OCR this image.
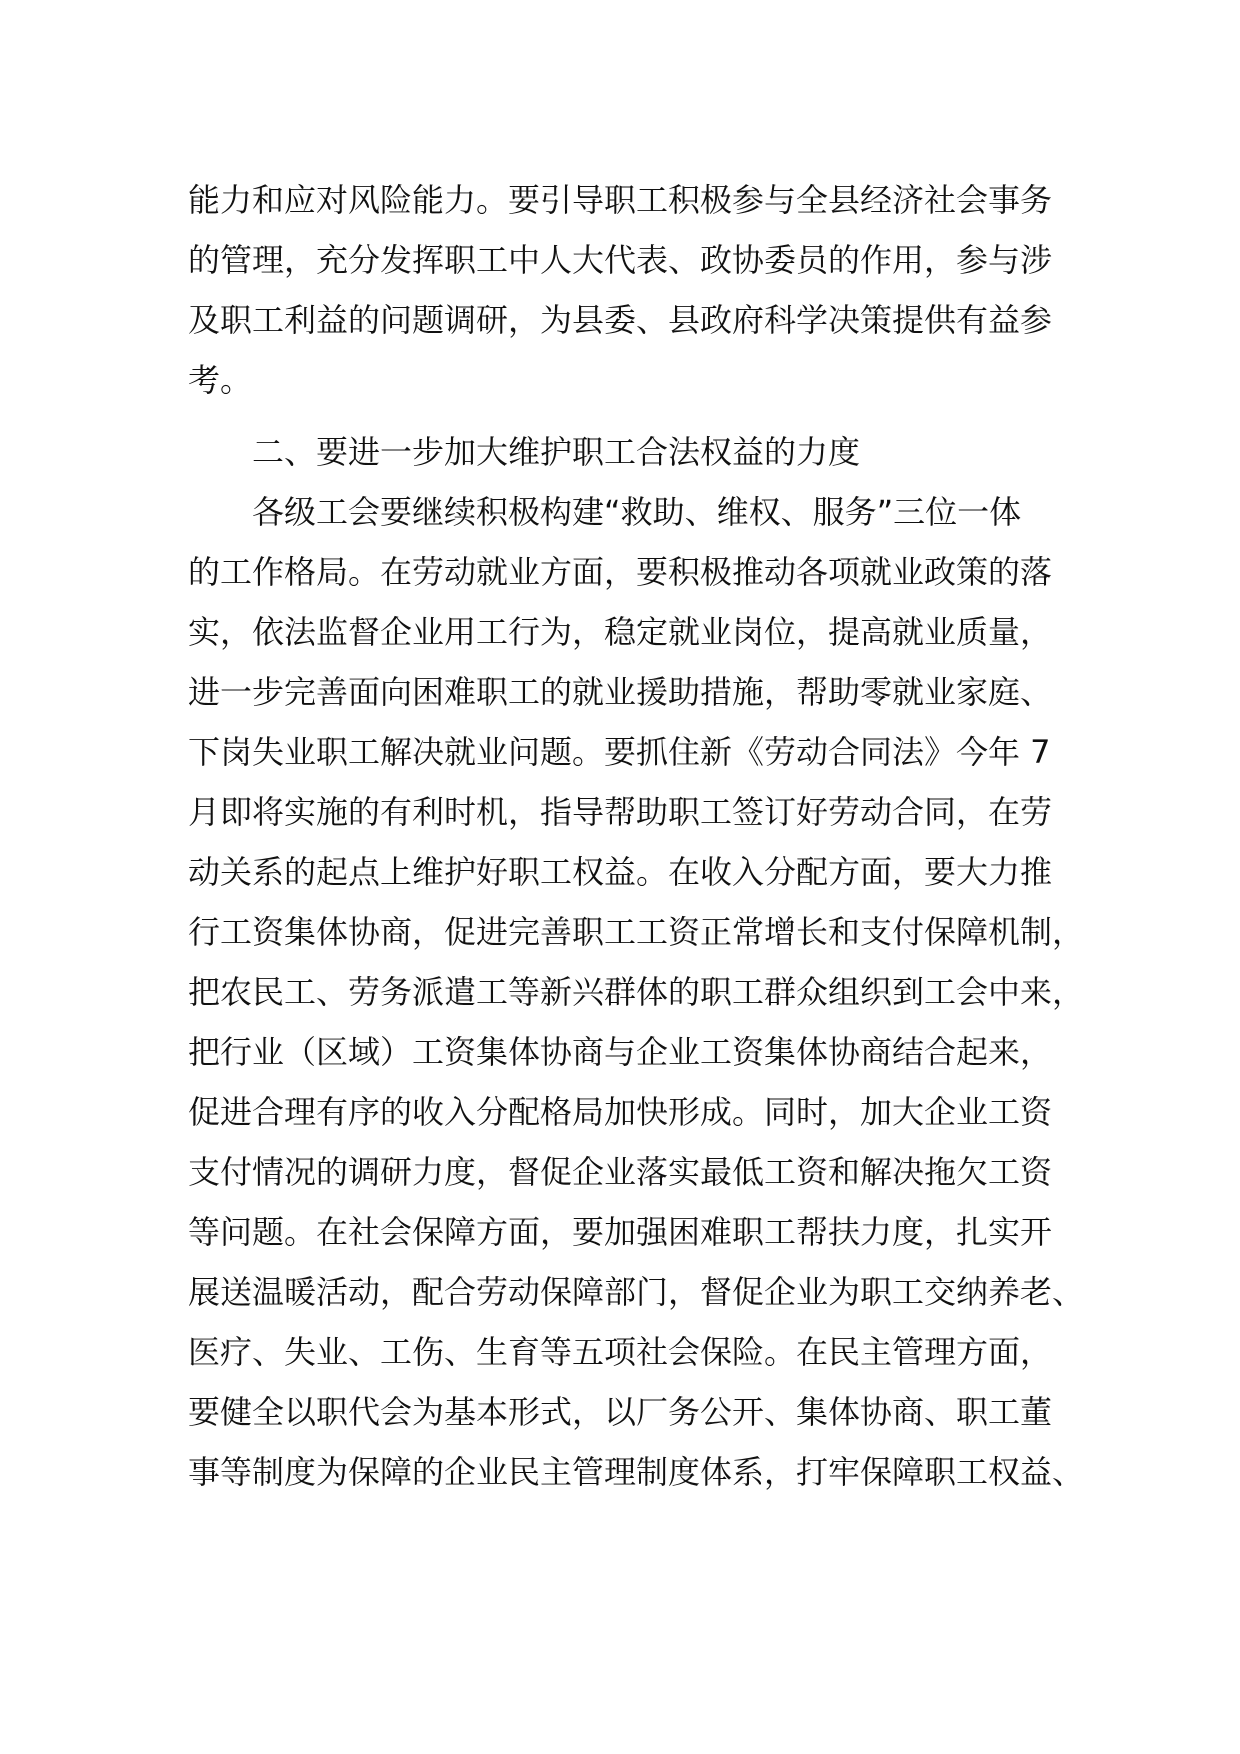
能力和应对风险能力。要引导职工积极参与全县经济社会事务
的管理，充分发挥职工中人大代表、政协委员的作用，参与涉
及职工利益的问题调研，为县委、县政府科学决策提供有益参
考。
二、要进一步加大维护职工合法权益的力度
各级工会要继续积极构建“救助、维权、服务”三位一体
的工作格局。在劳动就业方面，要积极推动各项就业政策的落
实，依法监督企业用工行为，稳定就业岗位，提高就业质量，
进一步完善面向困难职工的就业援助措施，帮助零就业家庭、
下岗失业职工解决就业问题。要抓住新《劳动合同法》今年 7
月即将实施的有利时机，指导帮助职工签订好劳动合同，在劳
动关系的起点上维护好职工权益。在收入分配方面，要大力推
行工资集体协商，促进完善职工工资正常增长和支付保障机制，
把农民工、劳务派遣工等新兴群体的职工群众组织到工会中来，
把行业（区域）工资集体协商与企业工资集体协商结合起来，
促进合理有序的收入分配格局加快形成。同时，加大企业工资
支付情况的调研力度，督促企业落实最低工资和解决拖欠工资
等问题。在社会保障方面，要加强困难职工帮扶力度，扎实开
展送温暖活动，配合劳动保障部门，督促企业为职工交纳养老、
医疗、失业、工伤、生育等五项社会保险。在民主管理方面，
要健全以职代会为基本形式，以厂务公开、集体协商、职工董
事等制度为保障的企业民主管理制度体系，打牢保障职工权益、
